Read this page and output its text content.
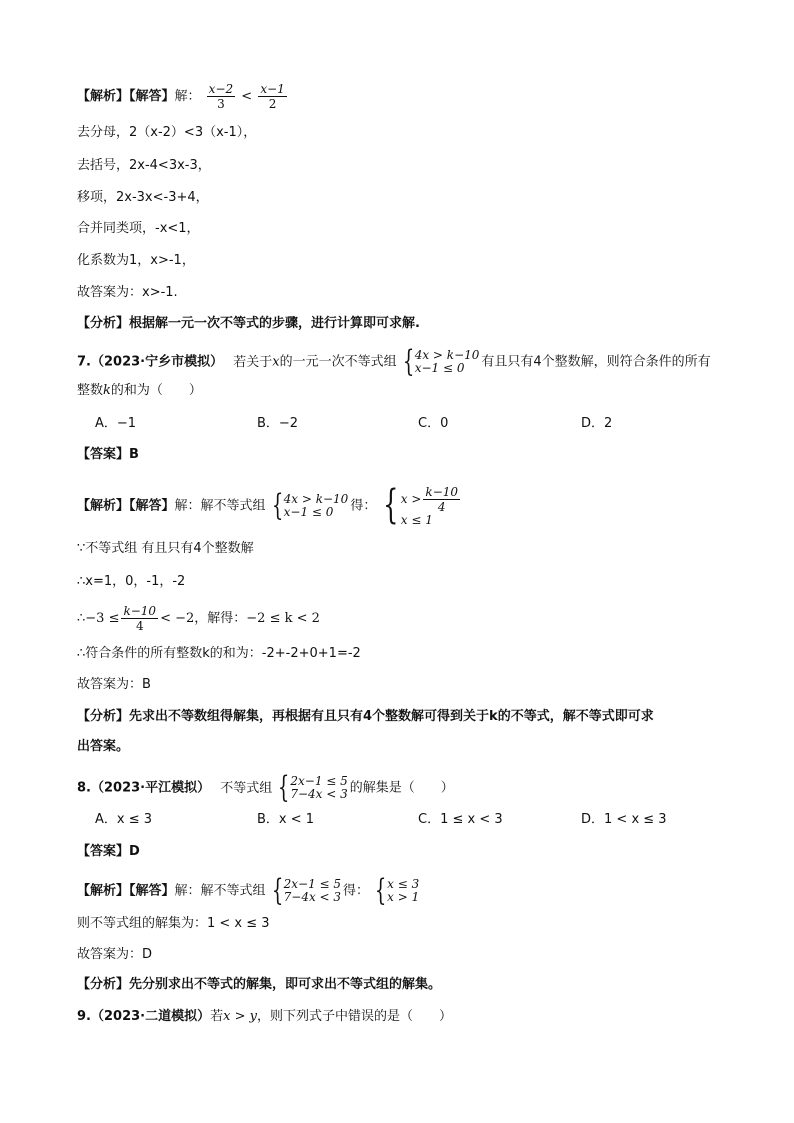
【解析】【解答】解： $\frac{x-2}{3} < \frac{x-1}{2}$
去分母，2（x-2）<3（x-1），
去括号，2x-4<3x-3，
移项，2x-3x<-3+4，
合并同类项，-x<1，
化系数为1，x>-1，
故答案为：x>-1.
【分析】根据解一元一次不等式的步骤，进行计算即可求解.
7.（2023·宁乡市模拟） 若关于x的一元一次不等式组 { 4x > k−10
x−1 ≤ 0	有且只有4个整数解，则符合条件的所有
整数k的和为（　　）
A．−1	B．−2	C．0	D．2
【答案】B
【解析】【解答】解：解不等式组 { 4x > k−10
x−1 ≤ 0	得： { $x > \frac{k-10}{4}$
x ≤ 1
∵不等式组 有且只有4个整数解
∴x=1，0，-1，-2
∴−3 ≤ $\frac{k-10}{4} < -2$，解得：−2 ≤ k < 2
∴符合条件的所有整数k的和为：-2+-2+0+1=-2
故答案为：B
【分析】先求出不等数组得解集，再根据有且只有4个整数解可得到关于k的不等式，解不等式即可求
出答案。
8.（2023·平江模拟） 不等式组 { 2x−1 ≤ 5
7−4x < 3 的解集是（　　）
A．x ≤ 3	B．x < 1	C．1 ≤ x < 3	D．1 < x ≤ 3
【答案】D
【解析】【解答】解：解不等式组 { 2x−1 ≤ 5
7−4x < 3 得： { x ≤ 3
x > 1
则不等式组的解集为：1 < x ≤ 3
故答案为：D
【分析】先分别求出不等式的解集，即可求出不等式组的解集。
9.（2023·二道模拟）若x > y，则下列式子中错误的是（　　）
